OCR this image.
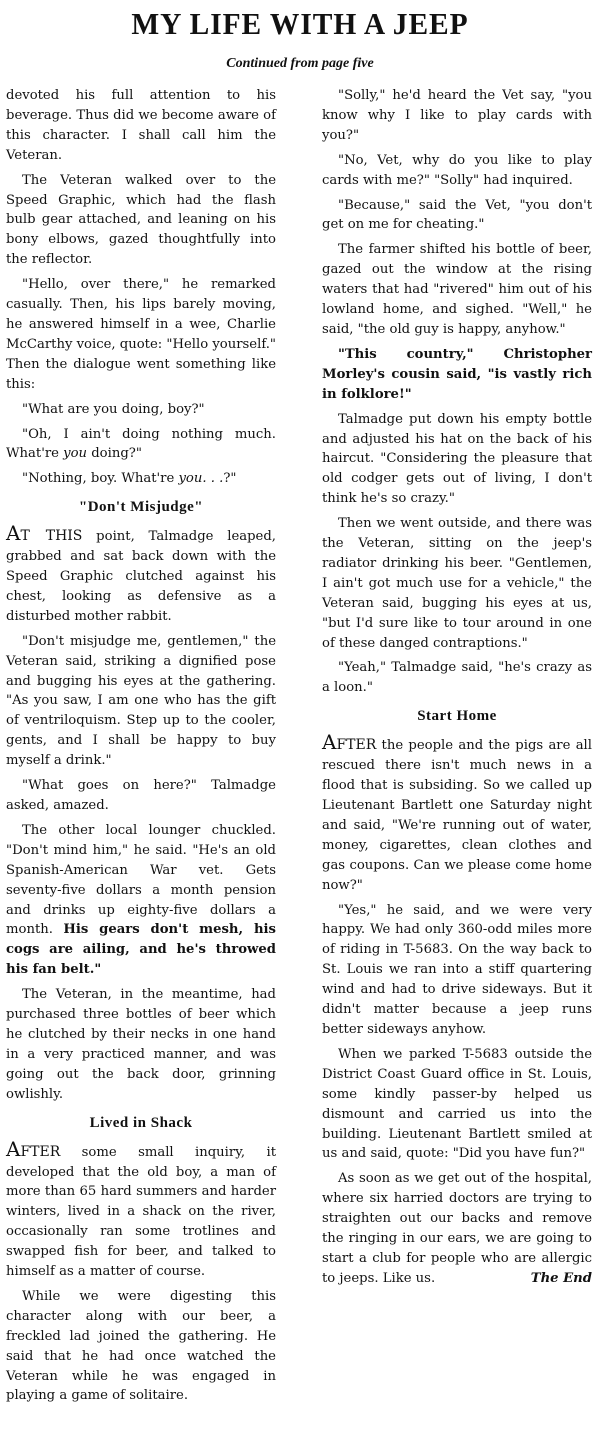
MY LIFE WITH A JEEP
Continued from page five

devoted his full attention to his beverage. Thus did we become aware of this character. I shall call him the Veteran.

The Veteran walked over to the Speed Graphic, which had the flash bulb gear attached, and leaning on his bony elbows, gazed thoughtfully into the reflector.

"Hello, over there," he remarked casually. Then, his lips barely moving, he answered himself in a wee, Charlie McCarthy voice, quote: "Hello yourself." Then the dialogue went something like this:

"What are you doing, boy?"

"Oh, I ain't doing nothing much. What're you doing?"

"Nothing, boy. What're you. . .?"

"Don't Misjudge"

At this point, Talmadge leaped, grabbed and sat back down with the Speed Graphic clutched against his chest, looking as defensive as a disturbed mother rabbit.

"Don't misjudge me, gentlemen," the Veteran said, striking a dignified pose and bugging his eyes at the gathering. "As you saw, I am one who has the gift of ventriloquism. Step up to the cooler, gents, and I shall be happy to buy myself a drink."

"What goes on here?" Talmadge asked, amazed.

The other local lounger chuckled. "Don't mind him," he said. "He's an old Spanish-American War vet. Gets seventy-five dollars a month pension and drinks up eighty-five dollars a month. His gears don't mesh, his cogs are ailing, and he's throwed his fan belt."

The Veteran, in the meantime, had purchased three bottles of beer which he clutched by their necks in one hand in a very practiced manner, and was going out the back door, grinning owlishly.

Lived in Shack

After some small inquiry, it developed that the old boy, a man of more than 65 hard summers and harder winters, lived in a shack on the river, occasionally ran some trotlines and swapped fish for beer, and talked to himself as a matter of course.

While we were digesting this character along with our beer, a freckled lad joined the gathering. He said that he had once watched the Veteran while he was engaged in playing a game of solitaire.

"Solly," he'd heard the Vet say, "you know why I like to play cards with you?"

"No, Vet, why do you like to play cards with me?" "Solly" had inquired.

"Because," said the Vet, "you don't get on me for cheating."

The farmer shifted his bottle of beer, gazed out the window at the rising waters that had "rivered" him out of his lowland home, and sighed. "Well," he said, "the old guy is happy, anyhow."

"This country," Christopher Morley's cousin said, "is vastly rich in folklore!"

Talmadge put down his empty bottle and adjusted his hat on the back of his haircut. "Considering the pleasure that old codger gets out of living, I don't think he's so crazy."

Then we went outside, and there was the Veteran, sitting on the jeep's radiator drinking his beer. "Gentlemen, I ain't got much use for a vehicle," the Veteran said, bugging his eyes at us, "but I'd sure like to tour around in one of these danged contraptions."

"Yeah," Talmadge said, "he's crazy as a loon."

Start Home

After the people and the pigs are all rescued there isn't much news in a flood that is subsiding. So we called up Lieutenant Bartlett one Saturday night and said, "We're running out of water, money, cigarettes, clean clothes and gas coupons. Can we please come home now?"

"Yes," he said, and we were very happy. We had only 360-odd miles more of riding in T-5683. On the way back to St. Louis we ran into a stiff quartering wind and had to drive sideways. But it didn't matter because a jeep runs better sideways anyhow.

When we parked T-5683 outside the District Coast Guard office in St. Louis, some kindly passer-by helped us dismount and carried us into the building. Lieutenant Bartlett smiled at us and said, quote: "Did you have fun?"

As soon as we get out of the hospital, where six harried doctors are trying to straighten out our backs and remove the ringing in our ears, we are going to start a club for people who are allergic to jeeps. Like us.	The End
